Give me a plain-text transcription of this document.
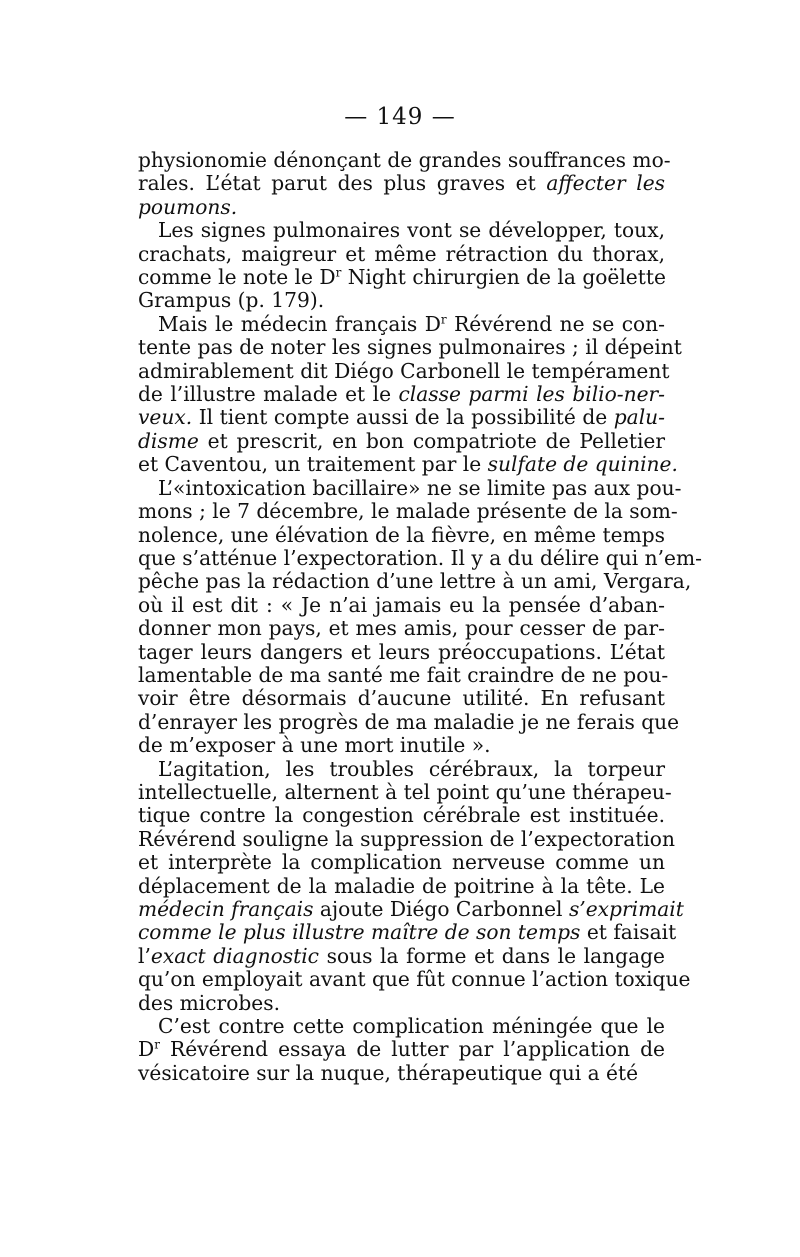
— 149 —
physionomie dénonçant de grandes souffrances mo-
rales. L’état parut des plus graves et affecter les
poumons.
Les signes pulmonaires vont se développer, toux,
crachats, maigreur et même rétraction du thorax,
comme le note le $D^r$ Night chirurgien de la goëlette
Grampus (p. 179).
Mais le médecin français $D^r$ Révérend ne se con-
tente pas de noter les signes pulmonaires ; il dépeint
admirablement dit Diégo Carbonell le tempérament
de l’illustre malade et le classe parmi les bilio-ner-
veux. Il tient compte aussi de la possibilité de palu-
disme et prescrit, en bon compatriote de Pelletier
et Caventou, un traitement par le sulfate de quinine.
L’«intoxication bacillaire» ne se limite pas aux pou-
mons ; le 7 décembre, le malade présente de la som-
nolence, une élévation de la fièvre, en même temps
que s’atténue l’expectoration. Il y a du délire qui n’em-
pêche pas la rédaction d’une lettre à un ami, Vergara,
où il est dit : « Je n’ai jamais eu la pensée d’aban-
donner mon pays, et mes amis, pour cesser de par-
tager leurs dangers et leurs préoccupations. L’état
lamentable de ma santé me fait craindre de ne pou-
voir être désormais d’aucune utilité. En refusant
d’enrayer les progrès de ma maladie je ne ferais que
de m’exposer à une mort inutile ».
L’agitation, les troubles cérébraux, la torpeur
intellectuelle, alternent à tel point qu’une thérapeu-
tique contre la congestion cérébrale est instituée.
Révérend souligne la suppression de l’expectoration
et interprète la complication nerveuse comme un
déplacement de la maladie de poitrine à la tête. Le
médecin français ajoute Diégo Carbonnel s’exprimait
comme le plus illustre maître de son temps et faisait
l’exact diagnostic sous la forme et dans le langage
qu’on employait avant que fût connue l’action toxique
des microbes.
C’est contre cette complication méningée que le
$D^r$ Révérend essaya de lutter par l’application de
vésicatoire sur la nuque, thérapeutique qui a été
